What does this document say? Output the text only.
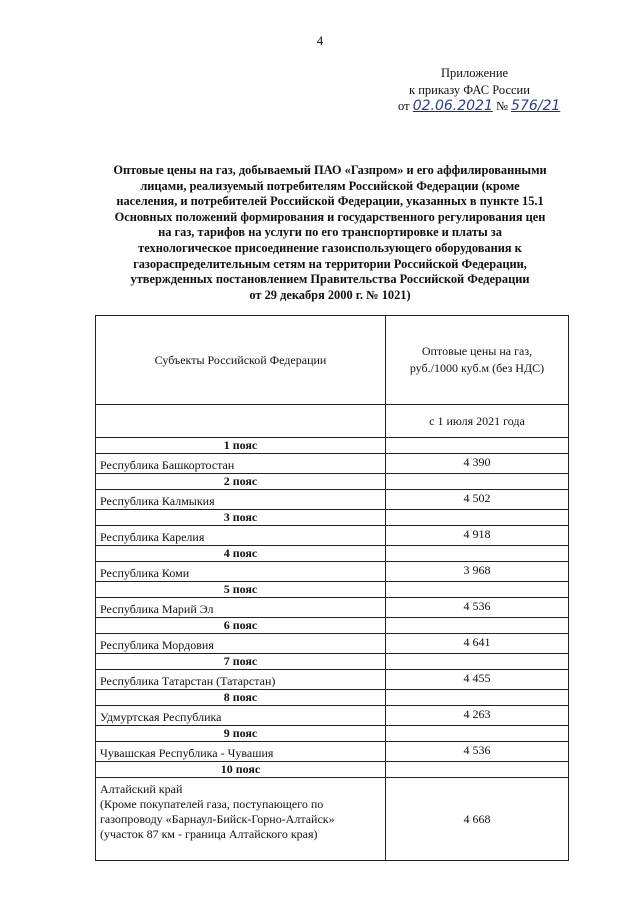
4
Приложение
к приказу ФАС России
от 02.06.2021 № 576/21
Оптовые цены на газ, добываемый ПАО «Газпром» и его аффилированными
лицами, реализуемый потребителям Российской Федерации (кроме
населения, и потребителей Российской Федерации, указанных в пункте 15.1
Основных положений формирования и государственного регулирования цен
на газ, тарифов на услуги по его транспортировке и платы за
технологическое присоединение газоиспользующего оборудования к
газораспределительным сетям на территории Российской Федерации,
утвержденных постановлением Правительства Российской Федерации
от 29 декабря 2000 г. № 1021)
Субъекты Российской Федерации	Оптовые цены на газ,
руб./1000 куб.м (без НДС)
	с 1 июля 2021 года
1 пояс	
Республика Башкортостан	4 390
2 пояс	
Республика Калмыкия	4 502
3 пояс	
Республика Карелия	4 918
4 пояс	
Республика Коми	3 968
5 пояс	
Республика Марий Эл	4 536
6 пояс	
Республика Мордовия	4 641
7 пояс	
Республика Татарстан (Татарстан)	4 455
8 пояс	
Удмуртская Республика	4 263
9 пояс	
Чувашская Республика - Чувашия	4 536
10 пояс	

Алтайский край
(Кроме покупателей газа, поступающего по
газопроводу «Барнаул-Бийск-Горно-Алтайск»
(участок 87 км - граница Алтайского края)	4 668
